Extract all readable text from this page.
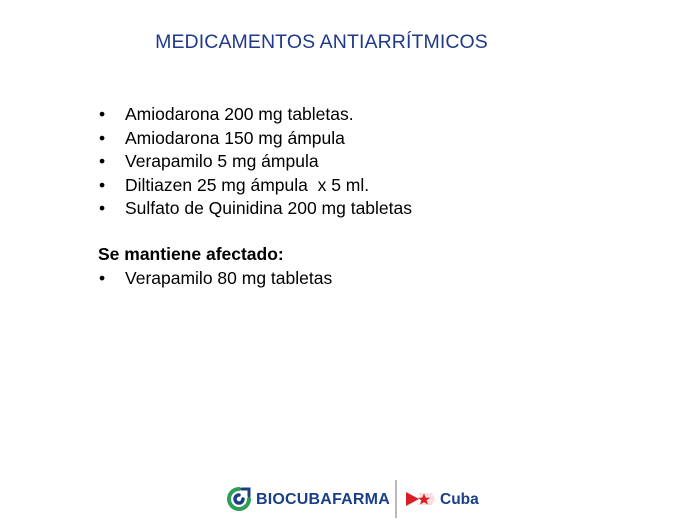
MEDICAMENTOS ANTIARRÍTMICOS
• Amiodarona 200 mg tabletas.
• Amiodarona 150 mg ámpula
• Verapamilo 5 mg ámpula
• Diltiazen 25 mg ámpula  x 5 ml.
• Sulfato de Quinidina 200 mg tabletas
Se mantiene afectado:
• Verapamilo 80 mg tabletas
BIOCUBAFARMA	Cuba
